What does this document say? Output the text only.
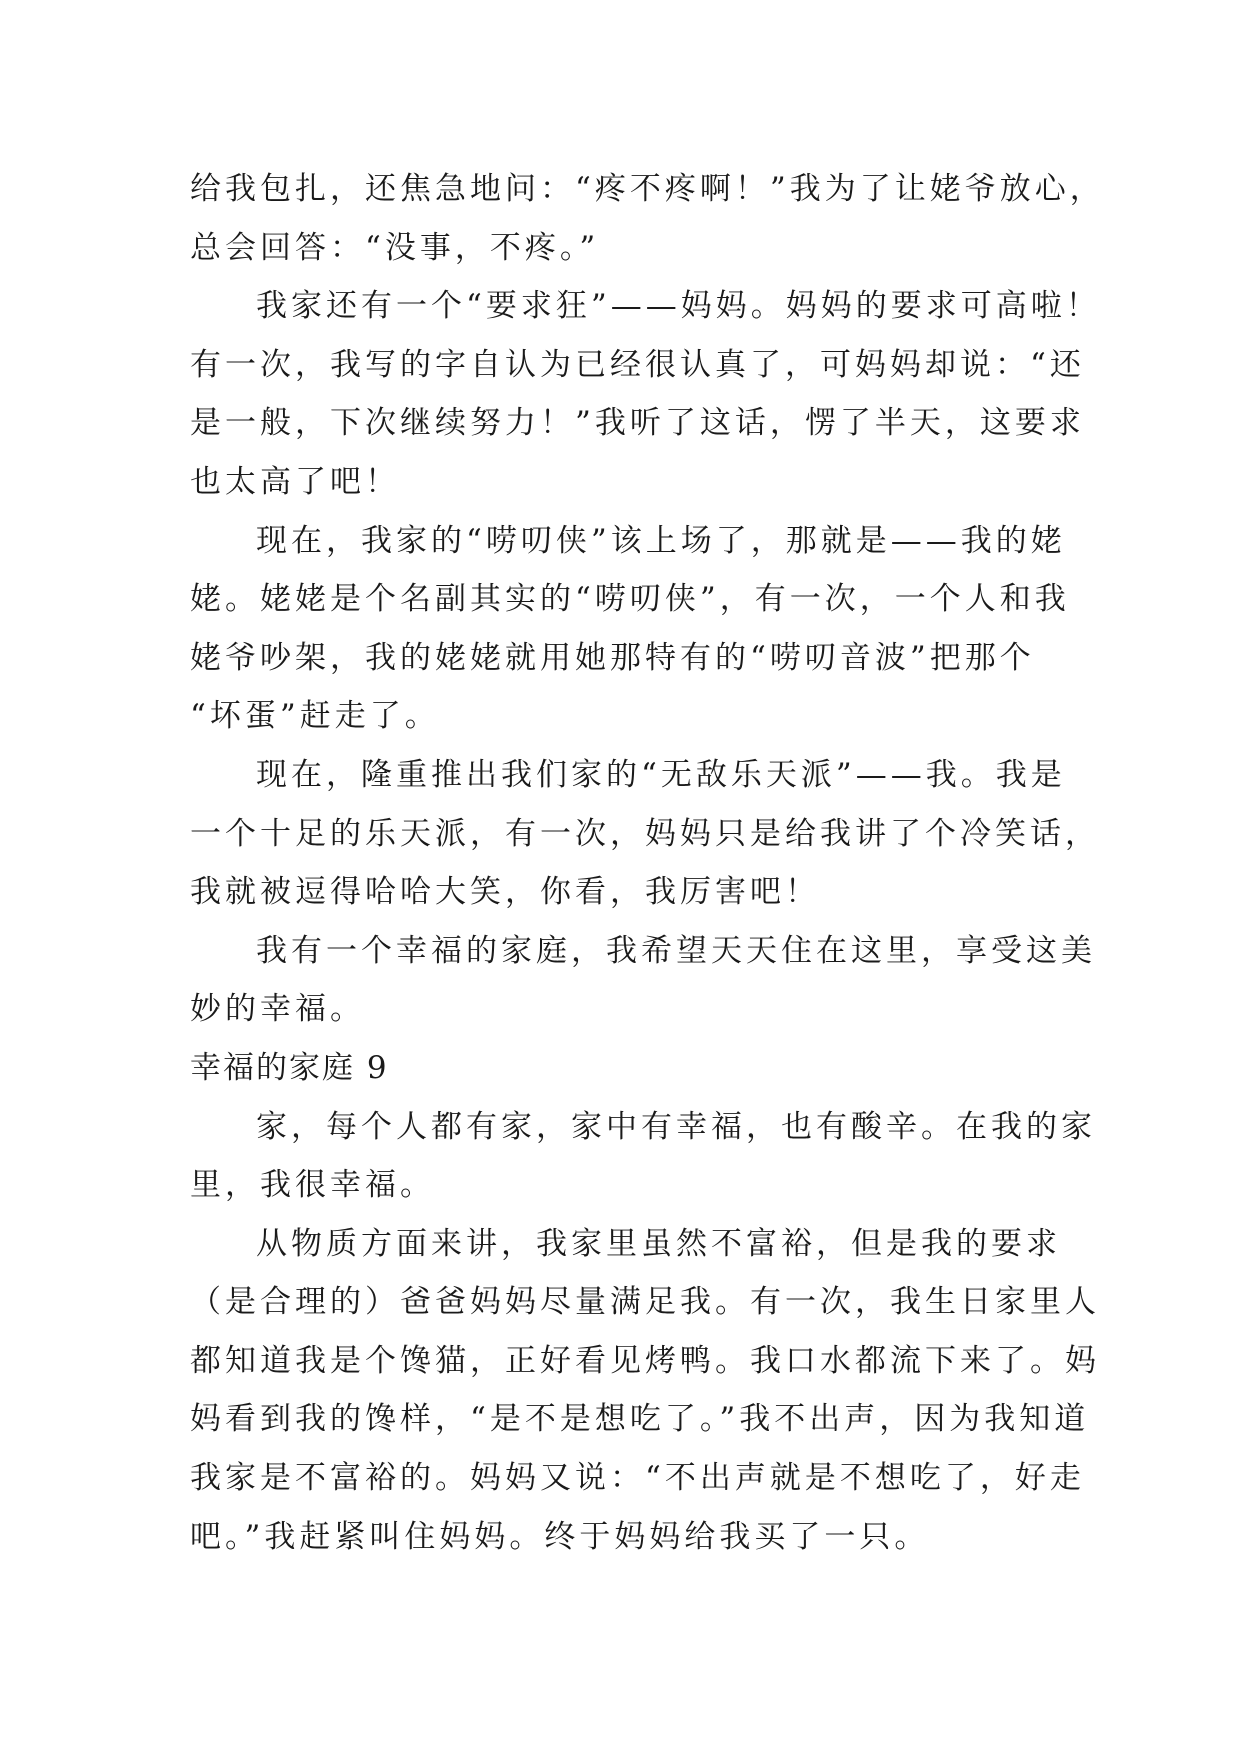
给我包扎，还焦急地问：“疼不疼啊！”我为了让姥爷放心，
总会回答：“没事，不疼。”
我家还有一个“要求狂”——妈妈。妈妈的要求可高啦！
有一次，我写的字自认为已经很认真了，可妈妈却说：“还
是一般，下次继续努力！”我听了这话，愣了半天，这要求
也太高了吧！
现在，我家的“唠叨侠”该上场了，那就是——我的姥
姥。姥姥是个名副其实的“唠叨侠”，有一次，一个人和我
姥爷吵架，我的姥姥就用她那特有的“唠叨音波”把那个
“坏蛋”赶走了。
现在，隆重推出我们家的“无敌乐天派”——我。我是
一个十足的乐天派，有一次，妈妈只是给我讲了个冷笑话，
我就被逗得哈哈大笑，你看，我厉害吧！
我有一个幸福的家庭，我希望天天住在这里，享受这美
妙的幸福。
幸福的家庭 9
家，每个人都有家，家中有幸福，也有酸辛。在我的家
里，我很幸福。
从物质方面来讲，我家里虽然不富裕，但是我的要求
（是合理的）爸爸妈妈尽量满足我。有一次，我生日家里人
都知道我是个馋猫，正好看见烤鸭。我口水都流下来了。妈
妈看到我的馋样，“是不是想吃了。”我不出声，因为我知道
我家是不富裕的。妈妈又说：“不出声就是不想吃了，好走
吧。”我赶紧叫住妈妈。终于妈妈给我买了一只。
